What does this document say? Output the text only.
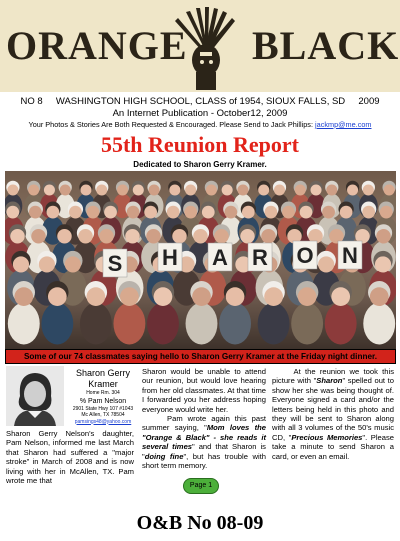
ORANGE BLACK
NO 8 WASHINGTON HIGH SCHOOL, CLASS of 1954, SIOUX FALLS, SD 2009
An Internet Publication - October12, 2009
Your Photos & Stories Are Both Requested & Encouraged. Please Send to Jack Phillips: jackmp@me.com
55th Reunion Report
Dedicated to Sharon Gerry Kramer.
S H A R O N
Some of our 74 classmates saying hello to Sharon Gerry Kramer at the Friday night dinner.
Sharon Gerry
Kramer
Home Rm. 304
% Pam Nelson
2901 State Hwy 107 #1043
Mc Allen, TX 78504
pamsings48@yahoo.com
Sharon Gerry Nelson's daughter, Pam Nelson, informed me last March that Sharon had suffered a "major stroke" in March of 2008 and is now living with her in McAllen, TX. Pam wrote me that
Sharon would be unable to attend our reunion, but would love hearing from her old classmates. At that time I forwarded you her address hoping everyone would write her.
Pam wrote again this past summer saying, "Mom loves the "Orange & Black" - she reads it several times" and that Sharon is "doing fine", but has trouble with short term memory.
At the reunion we took this picture with "Sharon" spelled out to show her she was being thought of. Everyone signed a card and/or the letters being held in this photo and they will be sent to Sharon along with all 3 volumes of the 50's music CD, "Precious Memories". Please take a minute to send Sharon a card, or even an email.
Page 1
O&B No 08-09
